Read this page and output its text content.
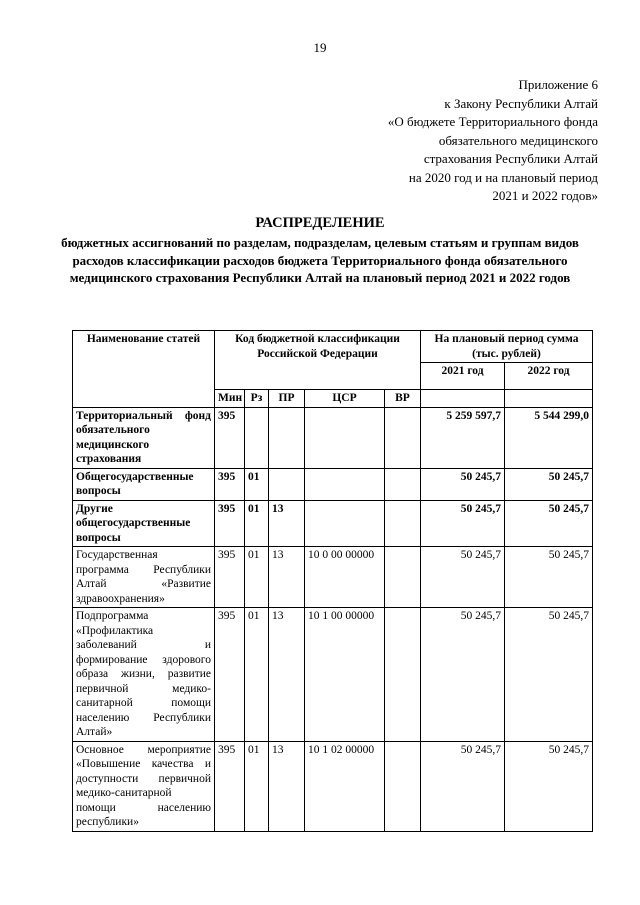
19
Приложение 6
к Закону Республики Алтай
«О бюджете Территориального фонда
обязательного медицинского
страхования Республики Алтай
на 2020 год и на плановый период
2021 и 2022 годов»
РАСПРЕДЕЛЕНИЕ
бюджетных ассигнований по разделам, подразделам, целевым статьям и группам видов расходов классификации расходов бюджета Территориального фонда обязательного медицинского страхования Республики Алтай на плановый период 2021 и 2022 годов
Наименование статей	Код бюджетной классификации Российской Федерации					На плановый период сумма (тыс. рублей)	
						2021 год	2022 год
	Мин	Рз	ПР	ЦСР	ВР		
Территориальный фонд обязательного медицинского страхования	395					5 259 597,7	5 544 299,0
Общегосударственные вопросы	395	01				50 245,7	50 245,7
Другие общегосударственные вопросы	395	01	13			50 245,7	50 245,7
Государственная программа Республики Алтай «Развитие здравоохранения»	395	01	13	10 0 00 00000		50 245,7	50 245,7
Подпрограмма «Профилактика заболеваний и формирование здорового образа жизни, развитие первичной медико-санитарной помощи населению Республики Алтай»	395	01	13	10 1 00 00000		50 245,7	50 245,7
Основное мероприятие «Повышение качества и доступности первичной медико-санитарной помощи населению республики»	395	01	13	10 1 02 00000		50 245,7	50 245,7
